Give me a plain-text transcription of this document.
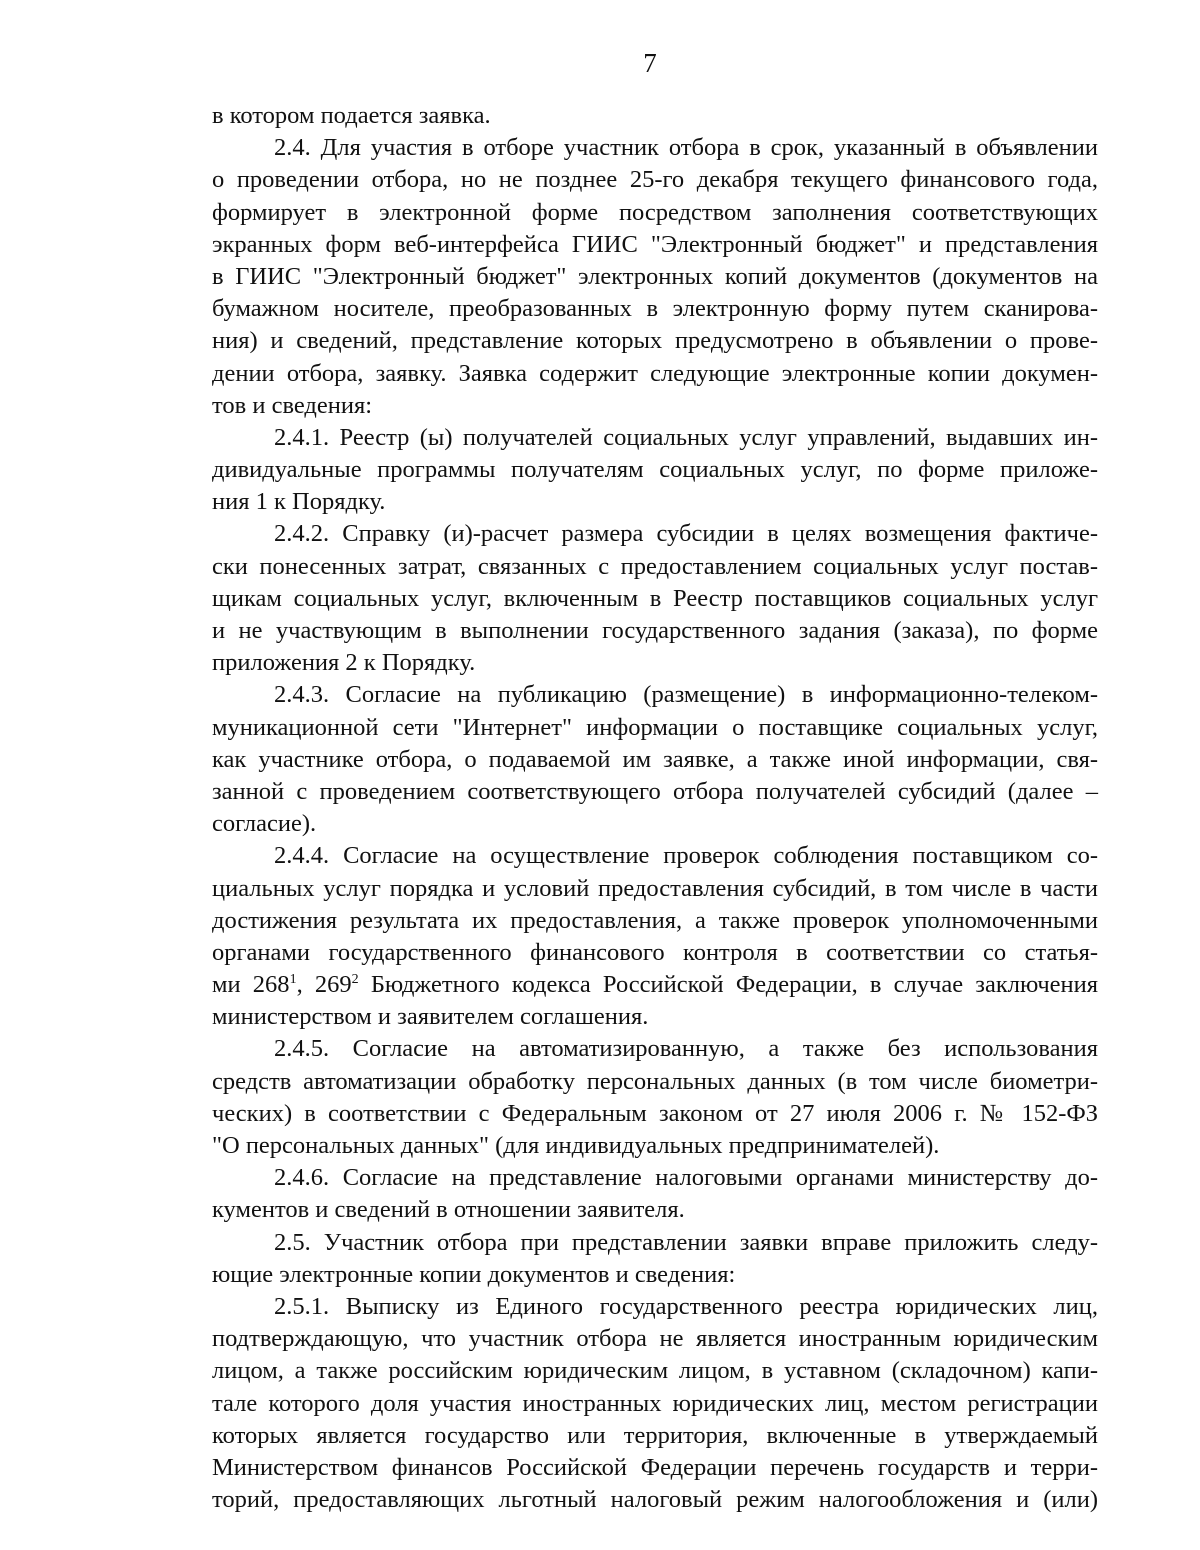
7
в котором подается заявка.
2.4. Для участия в отборе участник отбора в срок, указанный в объявлении
о проведении отбора, но не позднее 25-го декабря текущего финансового года,
формирует в электронной форме посредством заполнения соответствующих
экранных форм веб-интерфейса ГИИС "Электронный бюджет" и представления
в ГИИС "Электронный бюджет" электронных копий документов (документов на
бумажном носителе, преобразованных в электронную форму путем сканирова-
ния) и сведений, представление которых предусмотрено в объявлении о прове-
дении отбора, заявку. Заявка содержит следующие электронные копии докумен-
тов и сведения:
2.4.1. Реестр (ы) получателей социальных услуг управлений, выдавших ин-
дивидуальные программы получателям социальных услуг, по форме приложе-
ния 1 к Порядку.
2.4.2. Справку (и)-расчет размера субсидии в целях возмещения фактиче-
ски понесенных затрат, связанных с предоставлением социальных услуг постав-
щикам социальных услуг, включенным в Реестр поставщиков социальных услуг
и не участвующим в выполнении государственного задания (заказа), по форме
приложения 2 к Порядку.
2.4.3. Согласие на публикацию (размещение) в информационно-телеком-
муникационной сети "Интернет" информации о поставщике социальных услуг,
как участнике отбора, о подаваемой им заявке, а также иной информации, свя-
занной с проведением соответствующего отбора получателей субсидий (далее –
согласие).
2.4.4. Согласие на осуществление проверок соблюдения поставщиком со-
циальных услуг порядка и условий предоставления субсидий, в том числе в части
достижения результата их предоставления, а также проверок уполномоченными
органами государственного финансового контроля в соответствии со статья-
ми $268^1$, $269^2$ Бюджетного кодекса Российской Федерации, в случае заключения
министерством и заявителем соглашения.
2.4.5. Согласие на автоматизированную, а также без использования
средств автоматизации обработку персональных данных (в том числе биометри-
ческих) в соответствии с Федеральным законом от 27 июля 2006 г. № 152-ФЗ
"О персональных данных" (для индивидуальных предпринимателей).
2.4.6. Согласие на представление налоговыми органами министерству до-
кументов и сведений в отношении заявителя.
2.5. Участник отбора при представлении заявки вправе приложить следу-
ющие электронные копии документов и сведения:
2.5.1. Выписку из Единого государственного реестра юридических лиц,
подтверждающую, что участник отбора не является иностранным юридическим
лицом, а также российским юридическим лицом, в уставном (складочном) капи-
тале которого доля участия иностранных юридических лиц, местом регистрации
которых является государство или территория, включенные в утверждаемый
Министерством финансов Российской Федерации перечень государств и терри-
торий, предоставляющих льготный налоговый режим налогообложения и (или)
